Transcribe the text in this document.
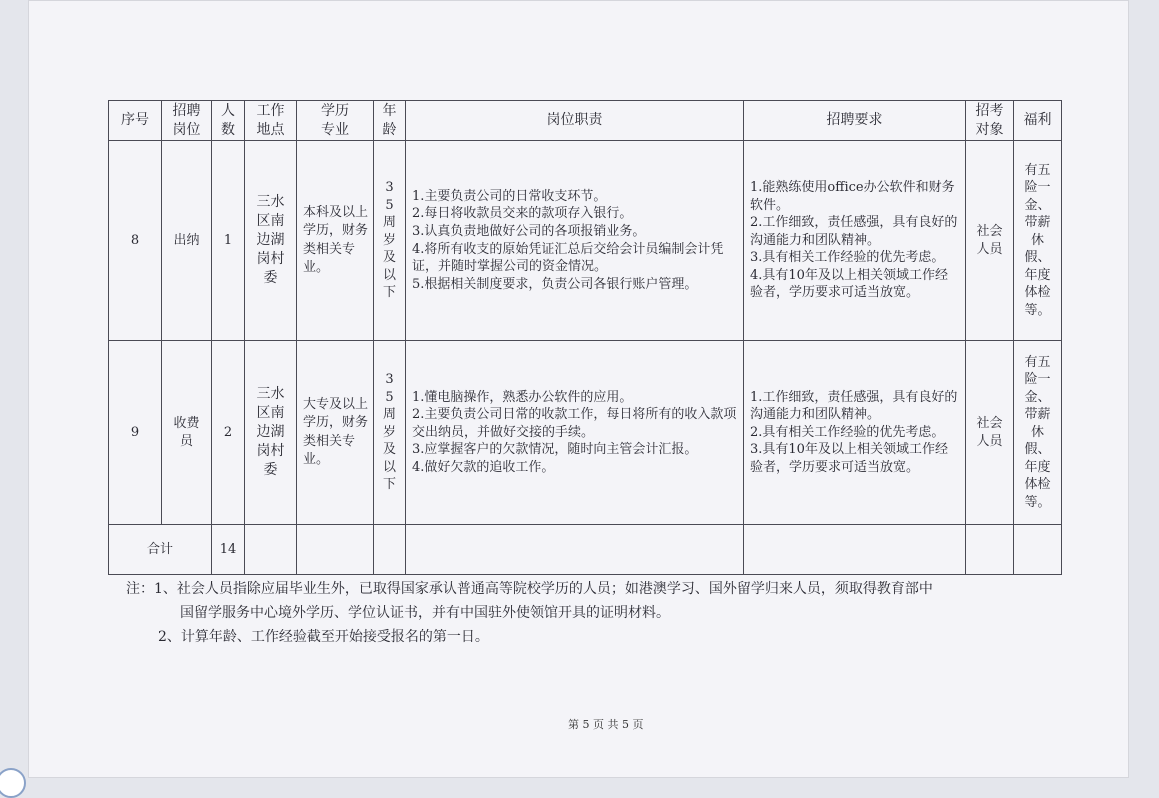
序号	招聘岗位	人数	工作地点	学历专业	年龄	岗位职责	招聘要求	招考对象	福利
8	出纳	1	三水区南边湖岗村委	本科及以上学历，财务类相关专业。	35周岁及以下	1.主要负责公司的日常收支环节。
2.每日将收款员交来的款项存入银行。
3.认真负责地做好公司的各项报销业务。
4.将所有收支的原始凭证汇总后交给会计员编制会计凭证，并随时掌握公司的资金情况。
5.根据相关制度要求，负责公司各银行账户管理。	1.能熟练使用office办公软件和财务软件。
2.工作细致，责任感强，具有良好的沟通能力和团队精神。
3.具有相关工作经验的优先考虑。
4.具有10年及以上相关领域工作经验者，学历要求可适当放宽。	社会人员	有五险一金、带薪休假、年度体检等。

9	收费员	2	三水区南边湖岗村委	大专及以上学历，财务类相关专业。	35周岁及以下	1.懂电脑操作，熟悉办公软件的应用。
2.主要负责公司日常的收款工作，每日将所有的收入款项交出纳员，并做好交接的手续。
3.应掌握客户的欠款情况，随时向主管会计汇报。
4.做好欠款的追收工作。	1.工作细致，责任感强，具有良好的沟通能力和团队精神。
2.具有相关工作经验的优先考虑。
3.具有10年及以上相关领域工作经验者，学历要求可适当放宽。	社会人员	有五险一金、带薪休假、年度体检等。

合计		14							
注：1、社会人员指除应届毕业生外，已取得国家承认普通高等院校学历的人员；如港澳学习、国外留学归来人员，须取得教育部中
国留学服务中心境外学历、学位认证书，并有中国驻外使领馆开具的证明材料。
2、计算年龄、工作经验截至开始接受报名的第一日。
第 5 页 共 5 页
